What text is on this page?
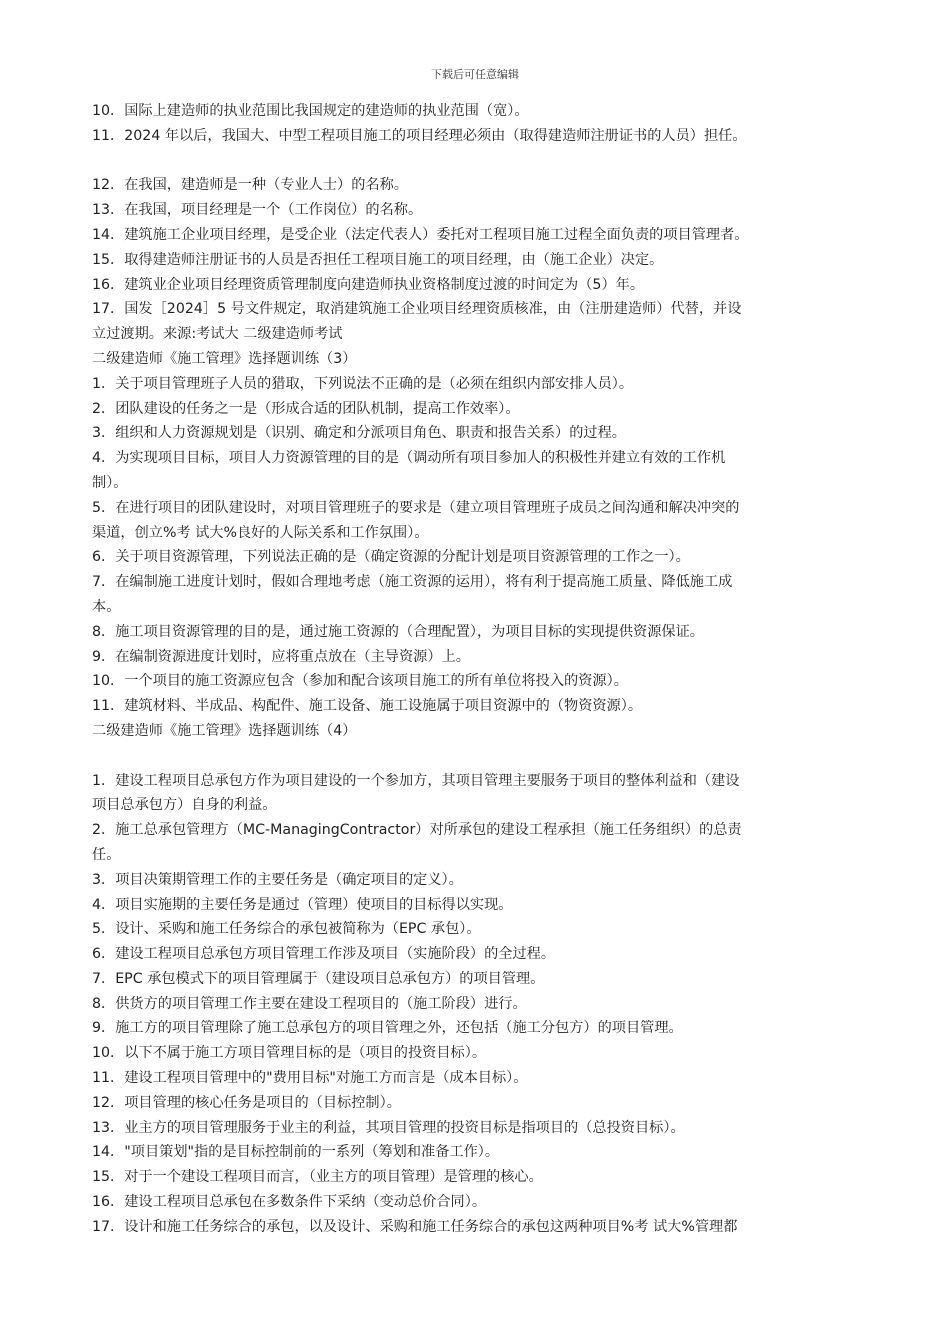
下载后可任意编辑
10．国际上建造师的执业范围比我国规定的建造师的执业范围（宽）。
11．2024 年以后，我国大、中型工程项目施工的项目经理必须由（取得建造师注册证书的人员）担任。
12．在我国，建造师是一种（专业人士）的名称。
13．在我国，项目经理是一个（工作岗位）的名称。
14．建筑施工企业项目经理，是受企业（法定代表人）委托对工程项目施工过程全面负责的项目管理者。
15．取得建造师注册证书的人员是否担任工程项目施工的项目经理，由（施工企业）决定。
16．建筑业企业项目经理资质管理制度向建造师执业资格制度过渡的时间定为（5）年。
17．国发［2024］5 号文件规定，取消建筑施工企业项目经理资质核准，由（注册建造师）代替，并设
立过渡期。来源:考试大 二级建造师考试
二级建造师《施工管理》选择题训练（3）
1．关于项目管理班子人员的猎取，下列说法不正确的是（必须在组织内部安排人员）。
2．团队建设的任务之一是（形成合适的团队机制，提高工作效率）。
3．组织和人力资源规划是（识别、确定和分派项目角色、职责和报告关系）的过程。
4．为实现项目目标，项目人力资源管理的目的是（调动所有项目参加人的积极性并建立有效的工作机
制）。
5．在进行项目的团队建设时，对项目管理班子的要求是（建立项目管理班子成员之间沟通和解决冲突的
渠道，创立%考 试大%良好的人际关系和工作氛围）。
6．关于项目资源管理，下列说法正确的是（确定资源的分配计划是项目资源管理的工作之一）。
7．在编制施工进度计划时，假如合理地考虑（施工资源的运用），将有利于提高施工质量、降低施工成
本。
8．施工项目资源管理的目的是，通过施工资源的（合理配置），为项目目标的实现提供资源保证。
9．在编制资源进度计划时，应将重点放在（主导资源）上。
10．一个项目的施工资源应包含（参加和配合该项目施工的所有单位将投入的资源）。
11．建筑材料、半成品、构配件、施工设备、施工设施属于项目资源中的（物资资源）。
二级建造师《施工管理》选择题训练（4）
1．建设工程项目总承包方作为项目建设的一个参加方，其项目管理主要服务于项目的整体利益和（建设
项目总承包方）自身的利益。
2．施工总承包管理方（MC-ManagingContractor）对所承包的建设工程承担（施工任务组织）的总责
任。
3．项目决策期管理工作的主要任务是（确定项目的定义）。
4．项目实施期的主要任务是通过（管理）使项目的目标得以实现。
5．设计、采购和施工任务综合的承包被简称为（EPC 承包）。
6．建设工程项目总承包方项目管理工作涉及项目（实施阶段）的全过程。
7．EPC 承包模式下的项目管理属于（建设项目总承包方）的项目管理。
8．供货方的项目管理工作主要在建设工程项目的（施工阶段）进行。
9．施工方的项目管理除了施工总承包方的项目管理之外，还包括（施工分包方）的项目管理。
10．以下不属于施工方项目管理目标的是（项目的投资目标）。
11．建设工程项目管理中的"费用目标"对施工方而言是（成本目标）。
12．项目管理的核心任务是项目的（目标控制）。
13．业主方的项目管理服务于业主的利益，其项目管理的投资目标是指项目的（总投资目标）。
14．"项目策划"指的是目标控制前的一系列（筹划和准备工作）。
15．对于一个建设工程项目而言，（业主方的项目管理）是管理的核心。
16．建设工程项目总承包在多数条件下采纳（变动总价合同）。
17．设计和施工任务综合的承包，以及设计、采购和施工任务综合的承包这两种项目%考 试大%管理都
